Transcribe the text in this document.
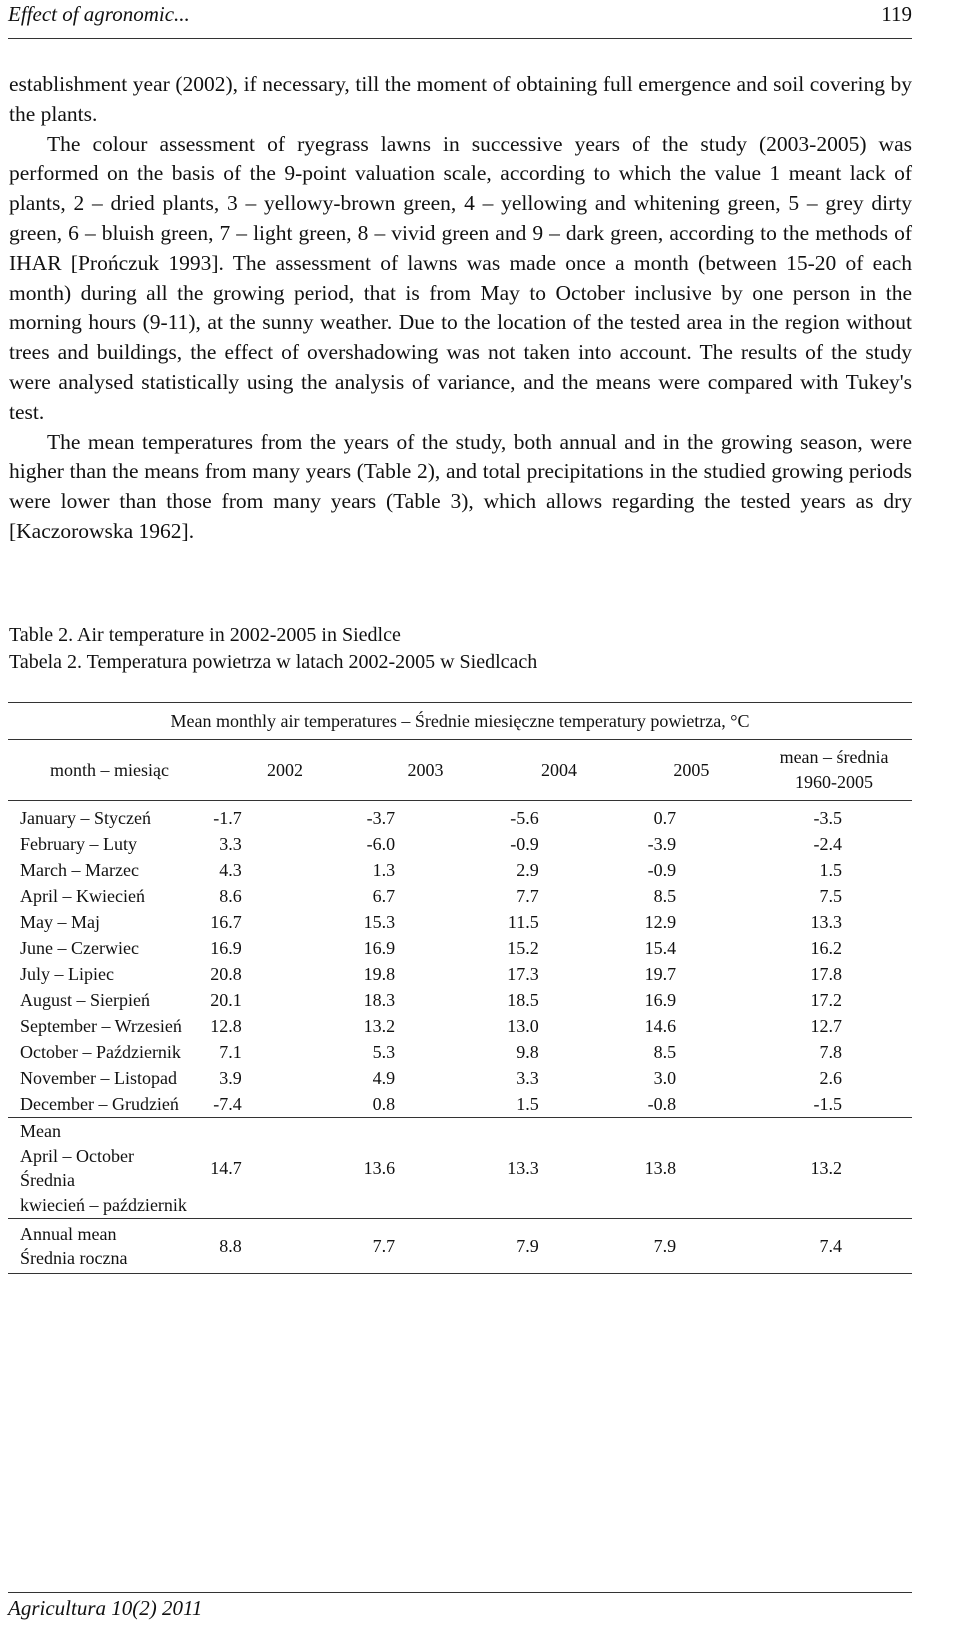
Effect of agronomic...	119

establishment year (2002), if necessary, till the moment of obtaining full emergence and soil covering by the plants.

The colour assessment of ryegrass lawns in successive years of the study (2003-2005) was performed on the basis of the 9-point valuation scale, according to which the value 1 meant lack of plants, 2 – dried plants, 3 – yellowy-brown green, 4 – yellowing and whitening green, 5 – grey dirty green, 6 – bluish green, 7 – light green, 8 – vivid green and 9 – dark green, according to the methods of IHAR [Prończuk 1993]. The assessment of lawns was made once a month (between 15-20 of each month) during all the growing period, that is from May to October inclusive by one person in the morning hours (9-11), at the sunny weather. Due to the location of the tested area in the region without trees and buildings, the effect of overshadowing was not taken into account. The results of the study were analysed statistically using the analysis of variance, and the means were compared with Tukey's test.

The mean temperatures from the years of the study, both annual and in the growing season, were higher than the means from many years (Table 2), and total precipitations in the studied growing periods were lower than those from many years (Table 3), which allows regarding the tested years as dry [Kaczorowska 1962].

Table 2. Air temperature in 2002-2005 in Siedlce
Tabela 2. Temperatura powietrza w latach 2002-2005 w Siedlcach
Mean monthly air temperatures – Średnie miesięczne temperatury powietrza, °C					
month – miesiąc	2002	2003	2004	2005	mean – średnia
1960-2005

January – Styczeń	-1.7	-3.7	-5.6	0.7	-3.5
February – Luty	3.3	-6.0	-0.9	-3.9	-2.4
March – Marzec	4.3	1.3	2.9	-0.9	1.5
April – Kwiecień	8.6	6.7	7.7	8.5	7.5
May – Maj	16.7	15.3	11.5	12.9	13.3
June – Czerwiec	16.9	16.9	15.2	15.4	16.2
July – Lipiec	20.8	19.8	17.3	19.7	17.8
August – Sierpień	20.1	18.3	18.5	16.9	17.2
September – Wrzesień	12.8	13.2	13.0	14.6	12.7
October – Październik	7.1	5.3	9.8	8.5	7.8
November – Listopad	3.9	4.9	3.3	3.0	2.6
December – Grudzień	-7.4	0.8	1.5	-0.8	-1.5

Mean
April – October
Średnia
kwiecień – październik	14.7	13.6	13.3	13.8	13.2

Annual mean
Średnia roczna	8.8	7.7	7.9	7.9	7.4
Agricultura 10(2) 2011
